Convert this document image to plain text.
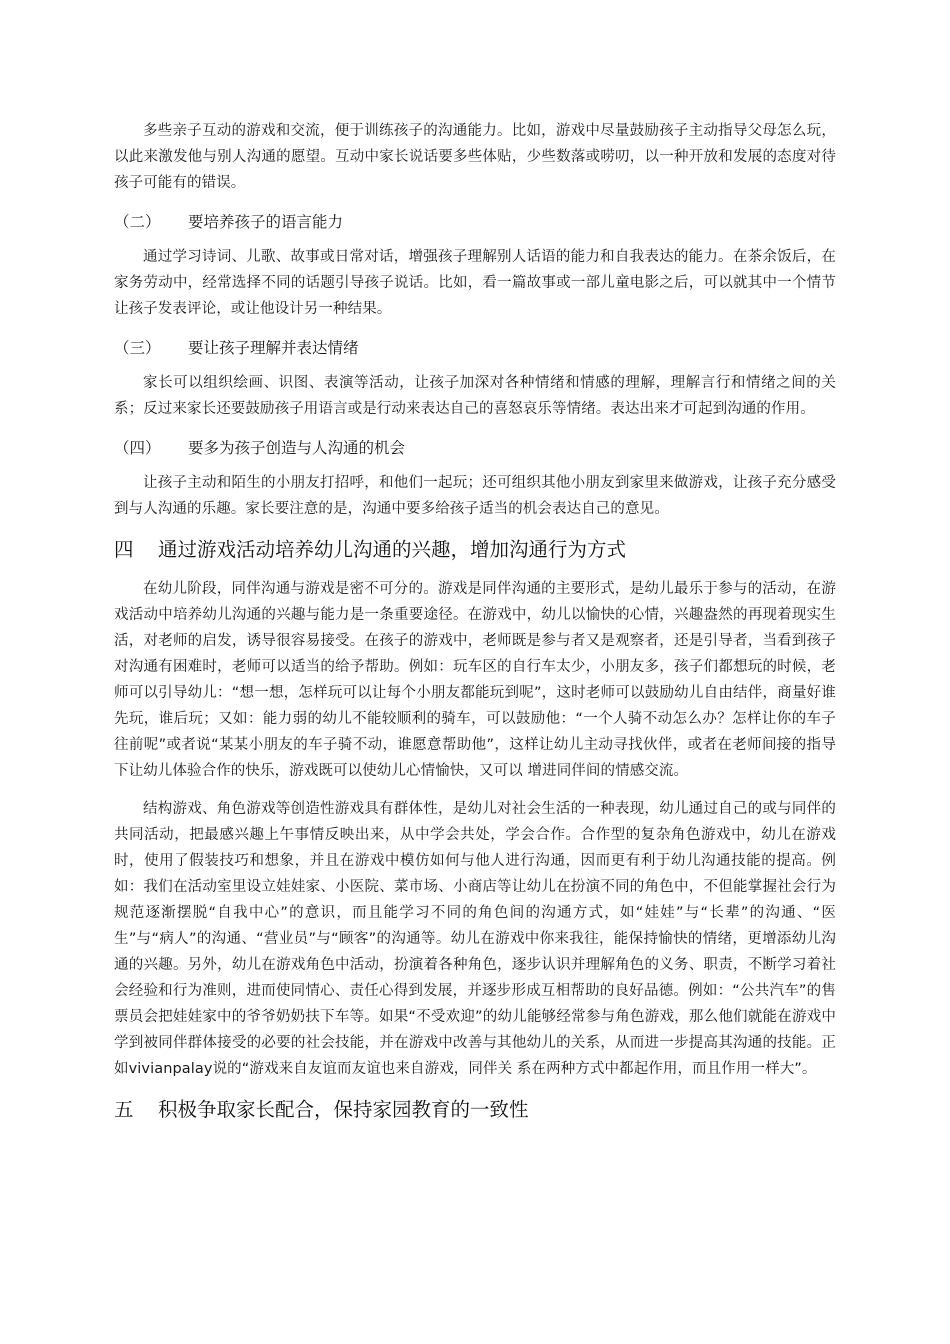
多些亲子互动的游戏和交流，便于训练孩子的沟通能力。比如，游戏中尽量鼓励孩子主动指导父母怎么玩，以此来激发他与别人沟通的愿望。互动中家长说话要多些体贴，少些数落或唠叨，以一种开放和发展的态度对待孩子可能有的错误。

（二） 要培养孩子的语言能力

通过学习诗词、儿歌、故事或日常对话，增强孩子理解别人话语的能力和自我表达的能力。在茶余饭后，在家务劳动中，经常选择不同的话题引导孩子说话。比如，看一篇故事或一部儿童电影之后，可以就其中一个情节让孩子发表评论，或让他设计另一种结果。

（三） 要让孩子理解并表达情绪

家长可以组织绘画、识图、表演等活动，让孩子加深对各种情绪和情感的理解，理解言行和情绪之间的关系；反过来家长还要鼓励孩子用语言或是行动来表达自己的喜怒哀乐等情绪。表达出来才可起到沟通的作用。

（四） 要多为孩子创造与人沟通的机会

让孩子主动和陌生的小朋友打招呼，和他们一起玩；还可组织其他小朋友到家里来做游戏，让孩子充分感受到与人沟通的乐趣。家长要注意的是，沟通中要多给孩子适当的机会表达自己的意见。

四 通过游戏活动培养幼儿沟通的兴趣，增加沟通行为方式

在幼儿阶段，同伴沟通与游戏是密不可分的。游戏是同伴沟通的主要形式，是幼儿最乐于参与的活动，在游戏活动中培养幼儿沟通的兴趣与能力是一条重要途径。在游戏中，幼儿以愉快的心情，兴趣盎然的再现着现实生活，对老师的启发，诱导很容易接受。在孩子的游戏中，老师既是参与者又是观察者，还是引导者，当看到孩子对沟通有困难时，老师可以适当的给予帮助。例如：玩车区的自行车太少，小朋友多，孩子们都想玩的时候，老师可以引导幼儿：“想一想，怎样玩可以让每个小朋友都能玩到呢”，这时老师可以鼓励幼儿自由结伴，商量好谁先玩，谁后玩；又如：能力弱的幼儿不能较顺利的骑车，可以鼓励他：“一个人骑不动怎么办？怎样让你的车子往前呢”或者说“某某小朋友的车子骑不动，谁愿意帮助他”，这样让幼儿主动寻找伙伴，或者在老师间接的指导下让幼儿体验合作的快乐，游戏既可以使幼儿心情愉快，又可以 增进同伴间的情感交流。

结构游戏、角色游戏等创造性游戏具有群体性，是幼儿对社会生活的一种表现，幼儿通过自己的或与同伴的共同活动，把最感兴趣上午事情反映出来，从中学会共处，学会合作。合作型的复杂角色游戏中，幼儿在游戏时，使用了假装技巧和想象，并且在游戏中模仿如何与他人进行沟通，因而更有利于幼儿沟通技能的提高。例如：我们在活动室里设立娃娃家、小医院、菜市场、小商店等让幼儿在扮演不同的角色中，不但能掌握社会行为规范逐渐摆脱“自我中心”的意识，而且能学习不同的角色间的沟通方式，如“娃娃”与“长辈”的沟通、“医生”与“病人”的沟通、“营业员”与“顾客”的沟通等。幼儿在游戏中你来我往，能保持愉快的情绪，更增添幼儿沟通的兴趣。另外，幼儿在游戏角色中活动，扮演着各种角色，逐步认识并理解角色的义务、职责，不断学习着社会经验和行为准则，进而使同情心、责任心得到发展，并逐步形成互相帮助的良好品德。例如：“公共汽车”的售票员会把娃娃家中的爷爷奶奶扶下车等。如果“不受欢迎”的幼儿能够经常参与角色游戏，那么他们就能在游戏中学到被同伴群体接受的必要的社会技能，并在游戏中改善与其他幼儿的关系，从而进一步提高其沟通的技能。正如vivianpalay说的“游戏来自友谊而友谊也来自游戏，同伴关 系在两种方式中都起作用，而且作用一样大”。

五 积极争取家长配合，保持家园教育的一致性
